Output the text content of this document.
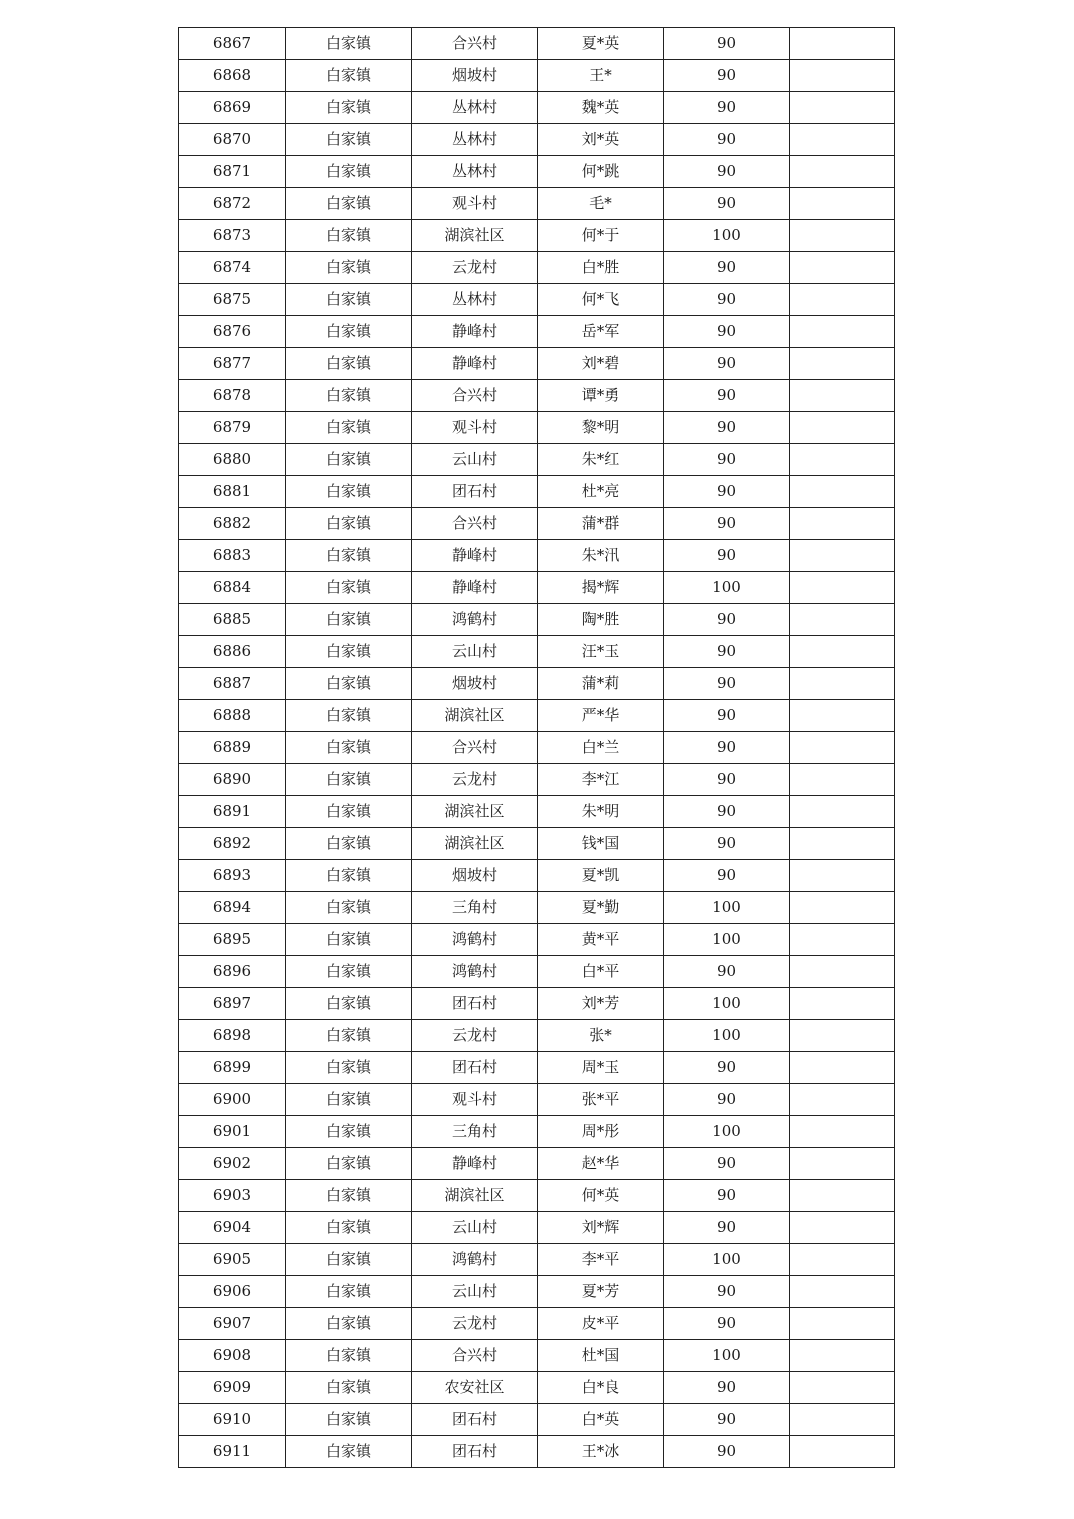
6867	白家镇	合兴村	夏*英	90	
6868	白家镇	烟坡村	王*	90	
6869	白家镇	丛林村	魏*英	90	
6870	白家镇	丛林村	刘*英	90	
6871	白家镇	丛林村	何*跳	90	
6872	白家镇	观斗村	毛*	90	
6873	白家镇	湖滨社区	何*于	100	
6874	白家镇	云龙村	白*胜	90	
6875	白家镇	丛林村	何*飞	90	
6876	白家镇	静峰村	岳*军	90	
6877	白家镇	静峰村	刘*碧	90	
6878	白家镇	合兴村	谭*勇	90	
6879	白家镇	观斗村	黎*明	90	
6880	白家镇	云山村	朱*红	90	
6881	白家镇	团石村	杜*亮	90	
6882	白家镇	合兴村	蒲*群	90	
6883	白家镇	静峰村	朱*汛	90	
6884	白家镇	静峰村	揭*辉	100	
6885	白家镇	鸿鹤村	陶*胜	90	
6886	白家镇	云山村	汪*玉	90	
6887	白家镇	烟坡村	蒲*莉	90	
6888	白家镇	湖滨社区	严*华	90	
6889	白家镇	合兴村	白*兰	90	
6890	白家镇	云龙村	李*江	90	
6891	白家镇	湖滨社区	朱*明	90	
6892	白家镇	湖滨社区	钱*国	90	
6893	白家镇	烟坡村	夏*凯	90	
6894	白家镇	三角村	夏*勤	100	
6895	白家镇	鸿鹤村	黄*平	100	
6896	白家镇	鸿鹤村	白*平	90	
6897	白家镇	团石村	刘*芳	100	
6898	白家镇	云龙村	张*	100	
6899	白家镇	团石村	周*玉	90	
6900	白家镇	观斗村	张*平	90	
6901	白家镇	三角村	周*彤	100	
6902	白家镇	静峰村	赵*华	90	
6903	白家镇	湖滨社区	何*英	90	
6904	白家镇	云山村	刘*辉	90	
6905	白家镇	鸿鹤村	李*平	100	
6906	白家镇	云山村	夏*芳	90	
6907	白家镇	云龙村	皮*平	90	
6908	白家镇	合兴村	杜*国	100	
6909	白家镇	农安社区	白*良	90	
6910	白家镇	团石村	白*英	90	
6911	白家镇	团石村	王*冰	90	
